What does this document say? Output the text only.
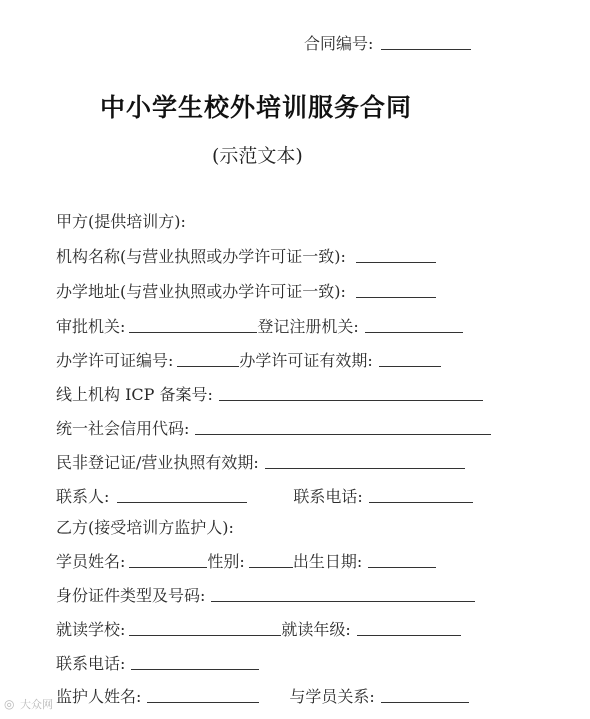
合同编号:
中小学生校外培训服务合同
(示范文本)
甲方(提供培训方):
机构名称(与营业执照或办学许可证一致):
办学地址(与营业执照或办学许可证一致):
审批机关:	登记注册机关:
办学许可证编号:	办学许可证有效期:
线上机构 ICP 备案号:
统一社会信用代码:
民非登记证/营业执照有效期:
联系人:	联系电话:
乙方(接受培训方监护人):
学员姓名:	性别:	出生日期:
身份证件类型及号码:
就读学校:	就读年级:
联系电话:
监护人姓名:	与学员关系:
◎ 大众网
